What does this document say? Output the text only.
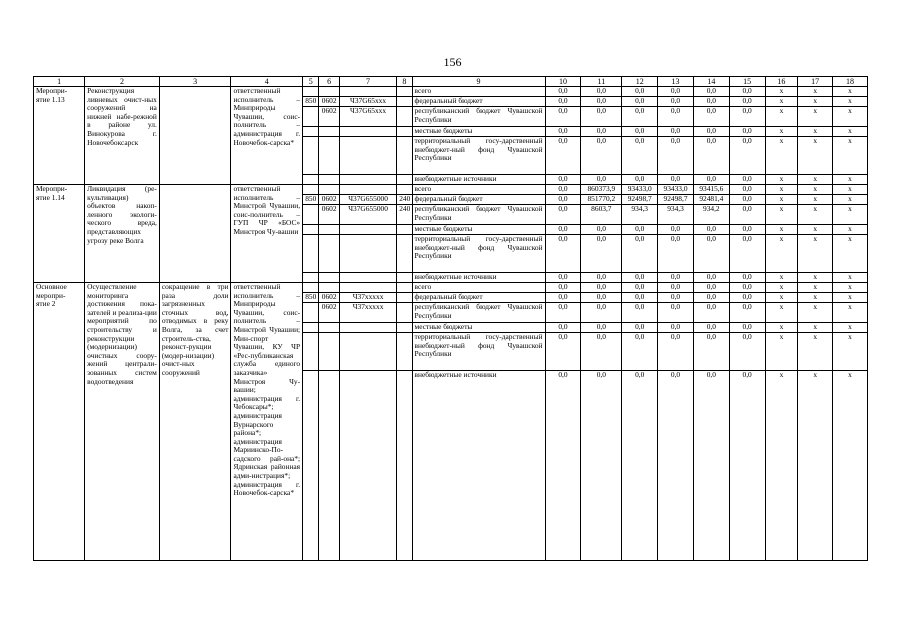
156
1	2	3	4	5	6	7	8	9	10	11	12	13	14	15	16	17	18
Меропри-
ятие 1.13	Реконструкция ливневых очист-ных сооружений на нижней набе-режной в районе ул. Винокурова г. Новочебоксарск		ответственный исполнитель – Минприроды Чувашии, соис-полнитель – администрация г. Новочебок-сарска*					всего	0,0	0,0	0,0	0,0	0,0	0,0	x	x	x
				850	0602	Ч37G65ххх		федеральный бюджет	0,0	0,0	0,0	0,0	0,0	0,0	x	x	x
					0602	Ч37G65ххх		республиканский бюджет Чувашской Республики	0,0	0,0	0,0	0,0	0,0	0,0	x	x	x
								местные бюджеты	0,0	0,0	0,0	0,0	0,0	0,0	x	x	x
								территориальный госу-дарственный внебюджет-ный фонд Чувашской Республики	0,0	0,0	0,0	0,0	0,0	0,0	x	x	x
								внебюджетные источники	0,0	0,0	0,0	0,0	0,0	0,0	x	x	x
Меропри-
ятие 1.14	Ликвидация (ре-культивация) объектов накоп-ленного экологи-ческого вреда, представляющих угрозу реке Волга		ответственный исполнитель – Минстрой Чувашии, соис-полнитель – ГУП ЧР «БОС» Минстроя Чу-вашии					всего	0,0	860373,9	93433,0	93433,0	93415,6	0,0	x	x	x
				850	0602	Ч37G655000	240	федеральный бюджет	0,0	851770,2	92498,7	92498,7	92481,4	0,0	x	x	x
					0602	Ч37G655000	240	республиканский бюджет Чувашской Республики	0,0	8603,7	934,3	934,3	934,2	0,0	x	x	x
								местные бюджеты	0,0	0,0	0,0	0,0	0,0	0,0	x	x	x
								территориальный госу-дарственный внебюджет-ный фонд Чувашской Республики	0,0	0,0	0,0	0,0	0,0	0,0	x	x	x
								внебюджетные источники	0,0	0,0	0,0	0,0	0,0	0,0	x	x	x
Основное меропри-
ятие 2	Осуществление мониторинга достижения пока-зателей и реализа-ции мероприятий по строительству и реконструкции (модернизации) очистных соору-жений централи-зованных систем водоотведения	сокращение в три раза доли загрязненных сточных вод, отводимых в реку Волга, за счет строитель-ства, реконст-рукции (модер-низации) очист-ных сооружений	ответственный исполнитель – Минприроды Чувашии, соис-полнитель – Минстрой Чувашии; Мин-спорт Чувашии, КУ ЧР «Рес-публиканская служба единого заказчика» Минстроя Чу-вашии; администрация г. Чебоксары*; администрация Вурнарского района*; администрация Мариинско-По-садского рай-она*; Ядринская районная адми-нистрация*; администрация г. Новочебок-сарска*					всего	0,0	0,0	0,0	0,0	0,0	0,0	x	x	x
				850	0602	Ч37ххххх		федеральный бюджет	0,0	0,0	0,0	0,0	0,0	0,0	x	x	x
					0602	Ч37ххххх		республиканский бюджет Чувашской Республики	0,0	0,0	0,0	0,0	0,0	0,0	x	x	x
								местные бюджеты	0,0	0,0	0,0	0,0	0,0	0,0	x	x	x
								территориальный госу-дарственный внебюджет-ный фонд Чувашской Республики	0,0	0,0	0,0	0,0	0,0	0,0	x	x	x
								внебюджетные источники	0,0	0,0	0,0	0,0	0,0	0,0	x	x	x
